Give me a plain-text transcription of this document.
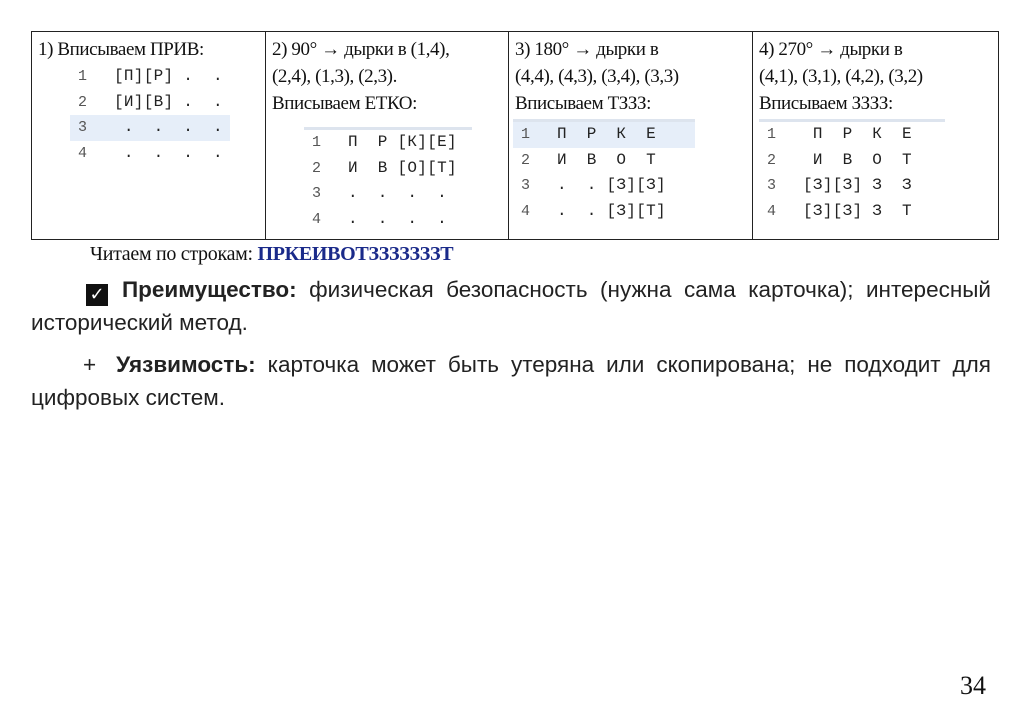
1) Вписываем ПРИВ:
1 [П][Р] .  .
2 [И][В] .  .
3 .  .  .  .
4 .  .  .  .

2) 90° → дырки в (1,4),
(2,4), (1,3), (2,3).
Вписываем ЕТКО:
1 П  Р [К][Е]
2 И  В [О][Т]
3 .  .  .  .
4 .  .  .  .

3) 180° → дырки в
(4,4), (4,3), (3,4), (3,3)
Вписываем ТЗЗЗ:
1 П  Р  К  Е
2 И  В  О  Т
3 .  . [З][З]
4 .  . [З][Т]

4) 270° → дырки в
(4,1), (3,1), (4,2), (3,2)
Вписываем ЗЗЗЗ:
1 П  Р  К  Е
2 И  В  О  Т
3 [З][З] З  З
4 [З][З] З  Т
Читаем по строкам: ПРКЕИВОТЗЗЗЗЗЗЗТ
✓ Преимущество: физическая безопасность (нужна сама карточка); интересный исторический метод.
+ Уязвимость: карточка может быть утеряна или скопирована; не подходит для цифровых систем.
34
